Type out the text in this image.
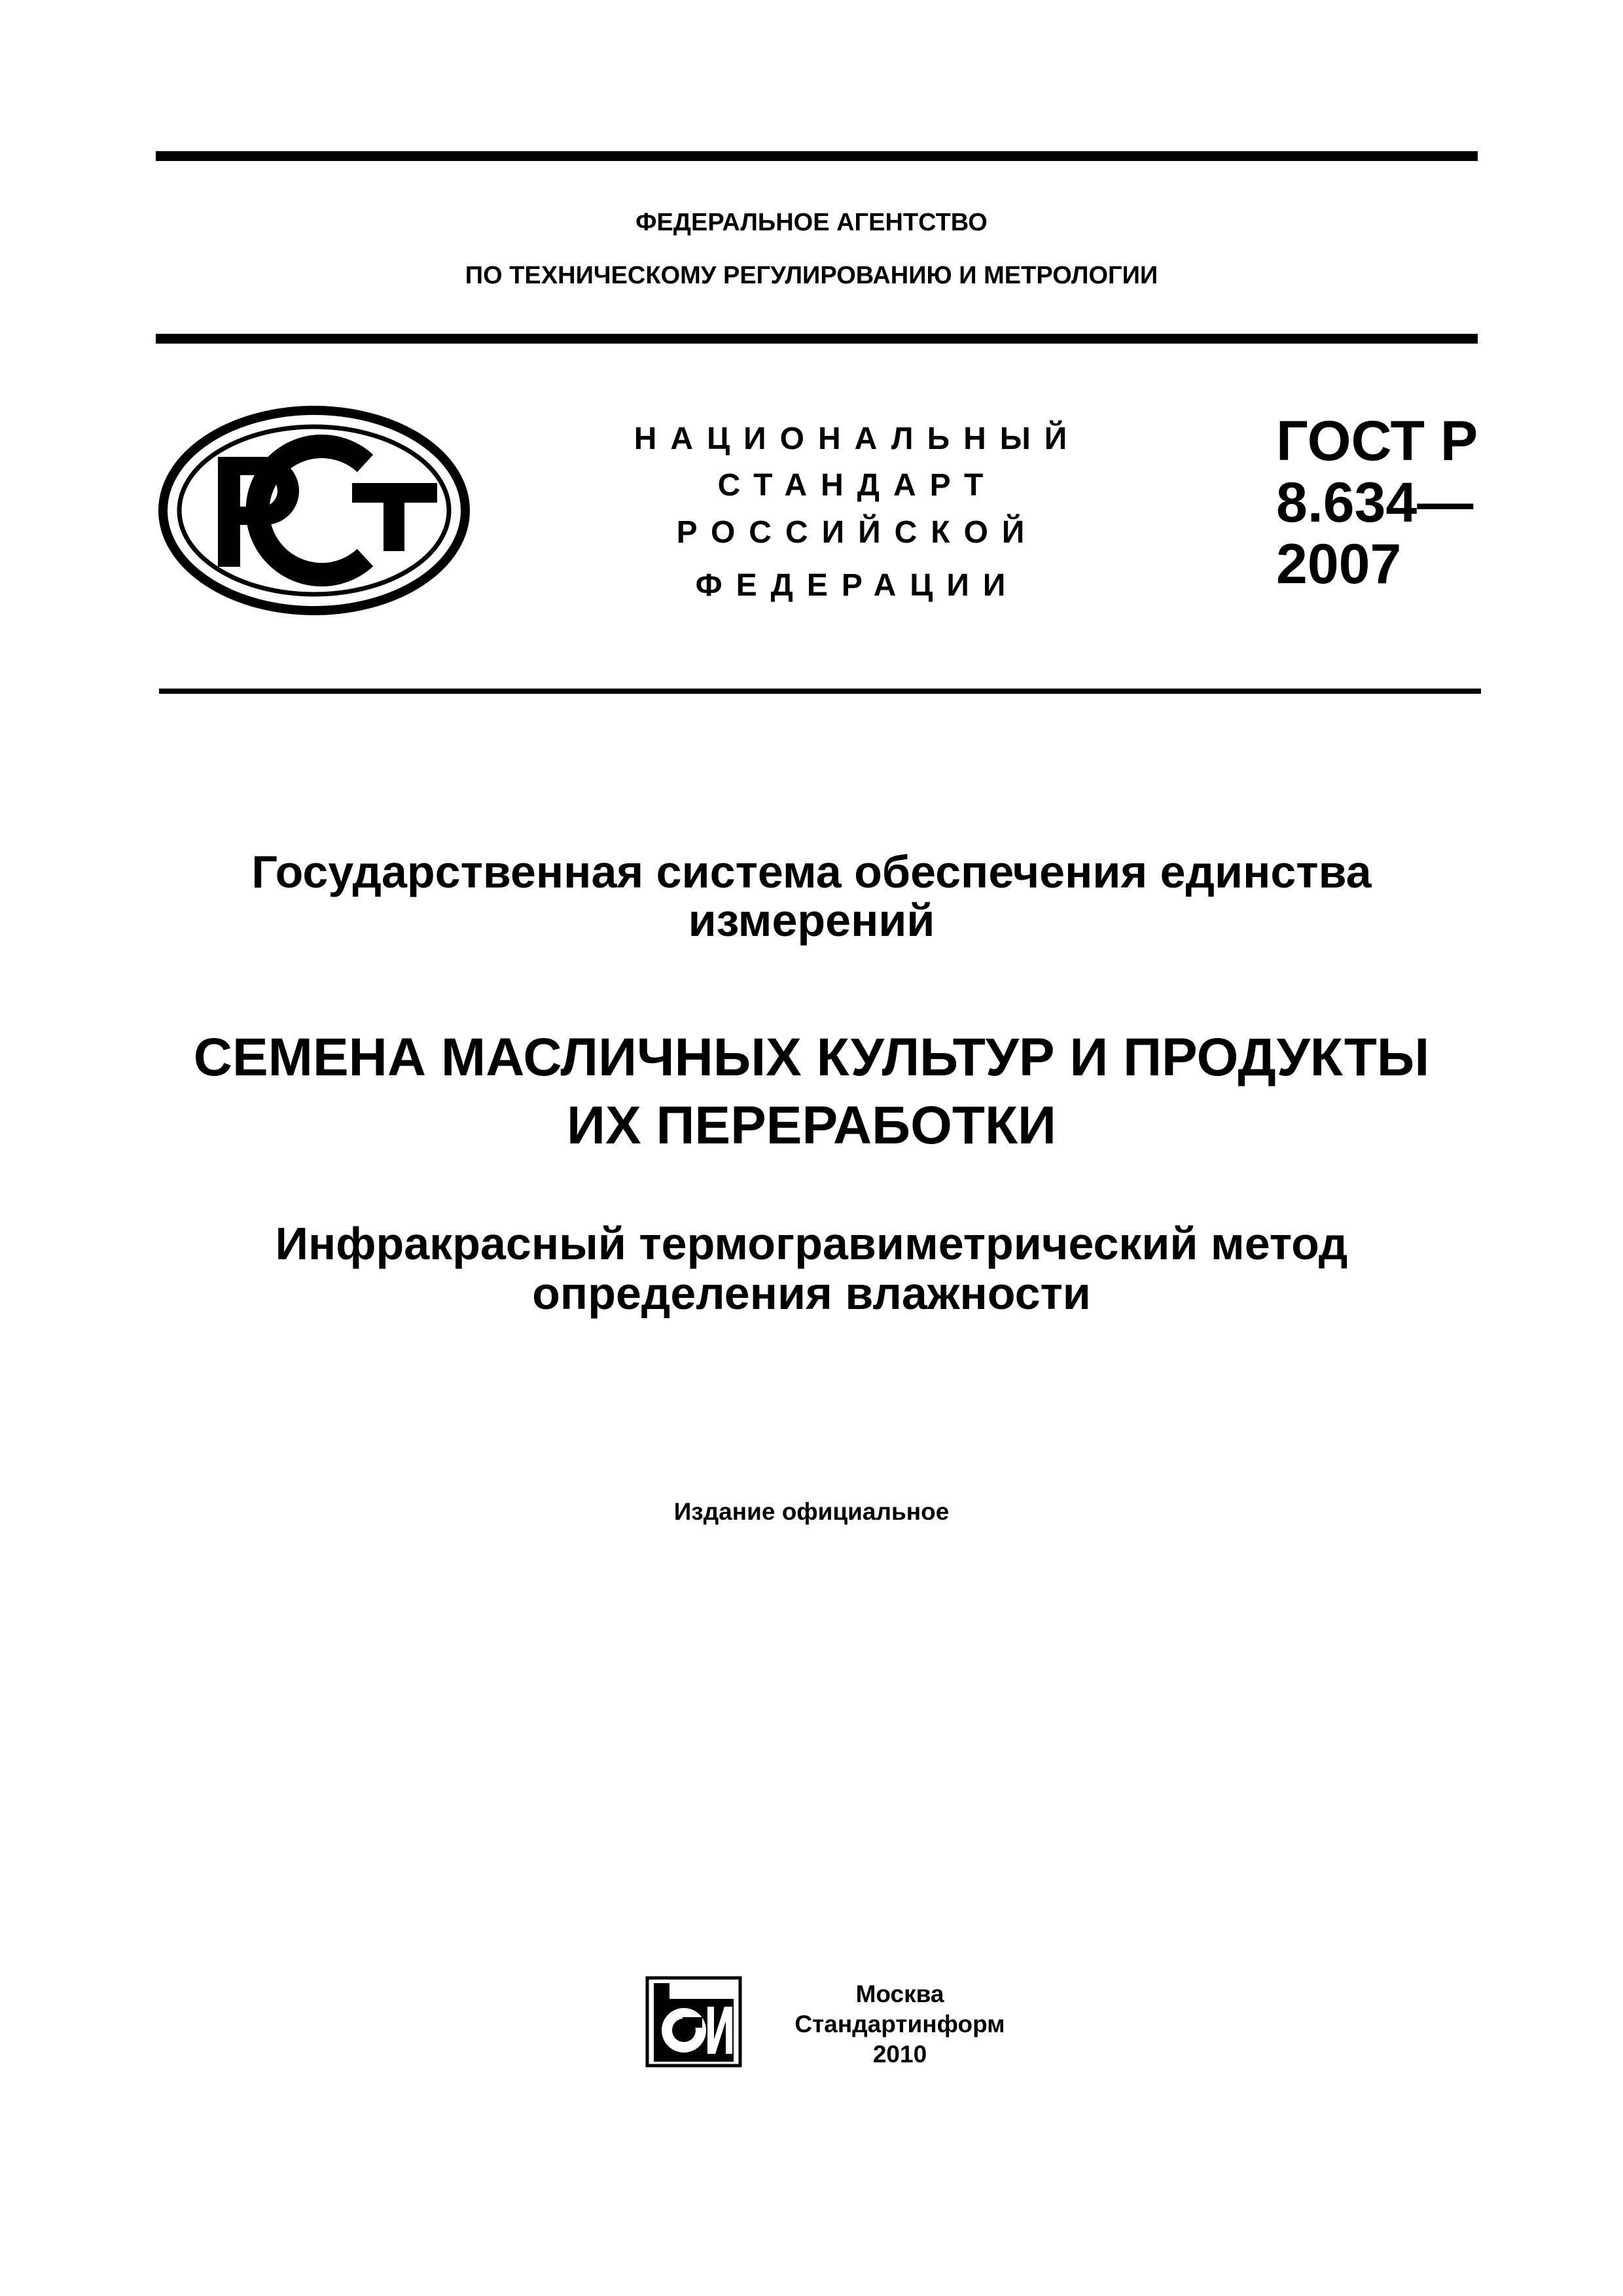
ФЕДЕРАЛЬНОЕ АГЕНТСТВО
ПО ТЕХНИЧЕСКОМУ РЕГУЛИРОВАНИЮ И МЕТРОЛОГИИ
НАЦИОНАЛЬНЫЙ
СТАНДАРТ
РОССИЙСКОЙ
ФЕДЕРАЦИИ
ГОСТ Р
8.634—
2007
Государственная система обеспечения единства
измерений
СЕМЕНА МАСЛИЧНЫХ КУЛЬТУР И ПРОДУКТЫ
ИХ ПЕРЕРАБОТКИ
Инфракрасный термогравиметрический метод
определения влажности
Издание официальное
Москва
Стандартинформ
2010
